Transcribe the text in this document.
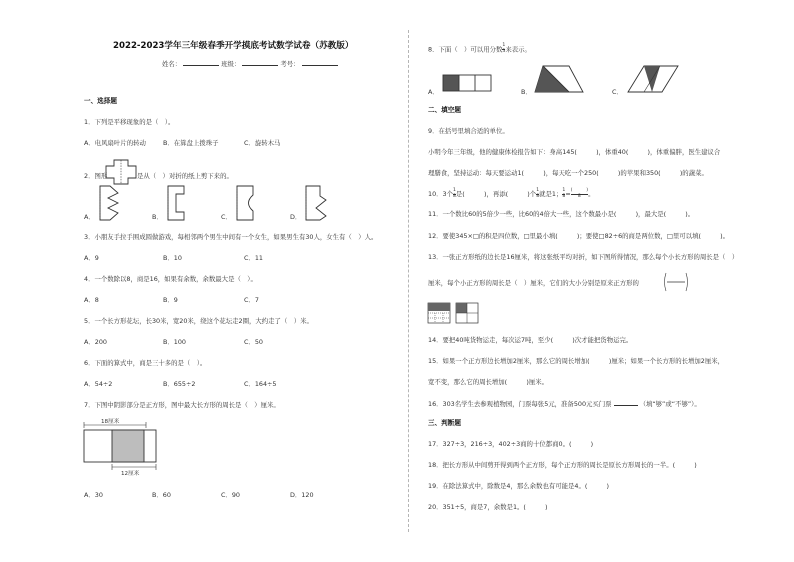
2022-2023学年三年级春季开学摸底考试数学试卷（苏教版）
姓名：	班级：	考号：
一、选择题
1．下列是平移现象的是（　）。
A．电风扇叶片的转动	B．在算盘上拨珠子	C．旋转木马
2．图形	是从（　）对折的纸上剪下来的。
A．	B．	C．	D．
3．小朋友手拉手围成圆做游戏，每相邻两个男生中间有一个女生，如果男生有30人，女生有（　）人。
A．9	B．10	C．11
4．一个数除以8，商是16，如果有余数，余数最大是（　）。
A．8	B．9	C．7
5．一个长方形花坛，长30米，宽20米，绕这个花坛走2圈，大约走了（　）米。
A．200	B．100	C．50
6．下面的算式中，商是三十多的是（　）。
A．54÷2	B．655÷2	C．164÷5
7．下图中阴影部分是正方形，图中最大长方形的周长是（　）厘米。
18厘米
12厘米
A．30	B．60	C．90	D．120
8．下面（　）可以用分数 $\frac{1}{3}$ 来表示。
A．	B．	C．
二、填空题
9．在括号里填合适的单位。
小明今年三年级，他的健康体检报告如下：身高145(　　　)，体重40(　　　)，体重偏胖，医生建议合
理膳食，坚持运动：每天要运动1(　　　)，每天吃一个250(　　　)的苹果和350(　　　)的蔬菜。
10．3个 $\frac{1}{8}$ 是(　　　)，再添(　　　)个 $\frac{1}{8}$ 就是1； $\frac{1}{8} = \frac{( )}{8}$ 。
11．一个数比60的5倍少一些，比60的4倍大一些，这个数最小是(　　　)，最大是(　　　)。
12．要使345×□的积是四位数，□里最小填(　　　)；要使□82÷6的商是两位数，□里可以填(　　　)。
13．一张正方形纸的边长是16厘米，将这张纸平均对折，如下图所得情况，那么每个小长方形的周长是（　）
厘米，每个小正方形的周长是（　）厘米，它们的大小分别是原来正方形的
14．要把40吨货物运走，每次运7吨，至少(　　　)次才能把货物运完。
15．如果一个正方形边长增加2厘米，那么它的周长增加(　　　)厘米；如果一个长方形的长增加2厘米，
宽不变，那么它的周长增加(　　　)厘米。
16．303名学生去参观植物园，门票每张5元，准备500元买门票	（填“够”或“不够”）。
三、判断题
17．327÷3，216÷3，402÷3商的十位都商0。(　　　)
18．把长方形从中间剪开得到两个正方形，每个正方形的周长是原长方形周长的一半。(　　　)
19．在除法算式中，除数是4，那么余数也有可能是4。(　　　)
20．351÷5，商是7，余数是1。(　　　)
